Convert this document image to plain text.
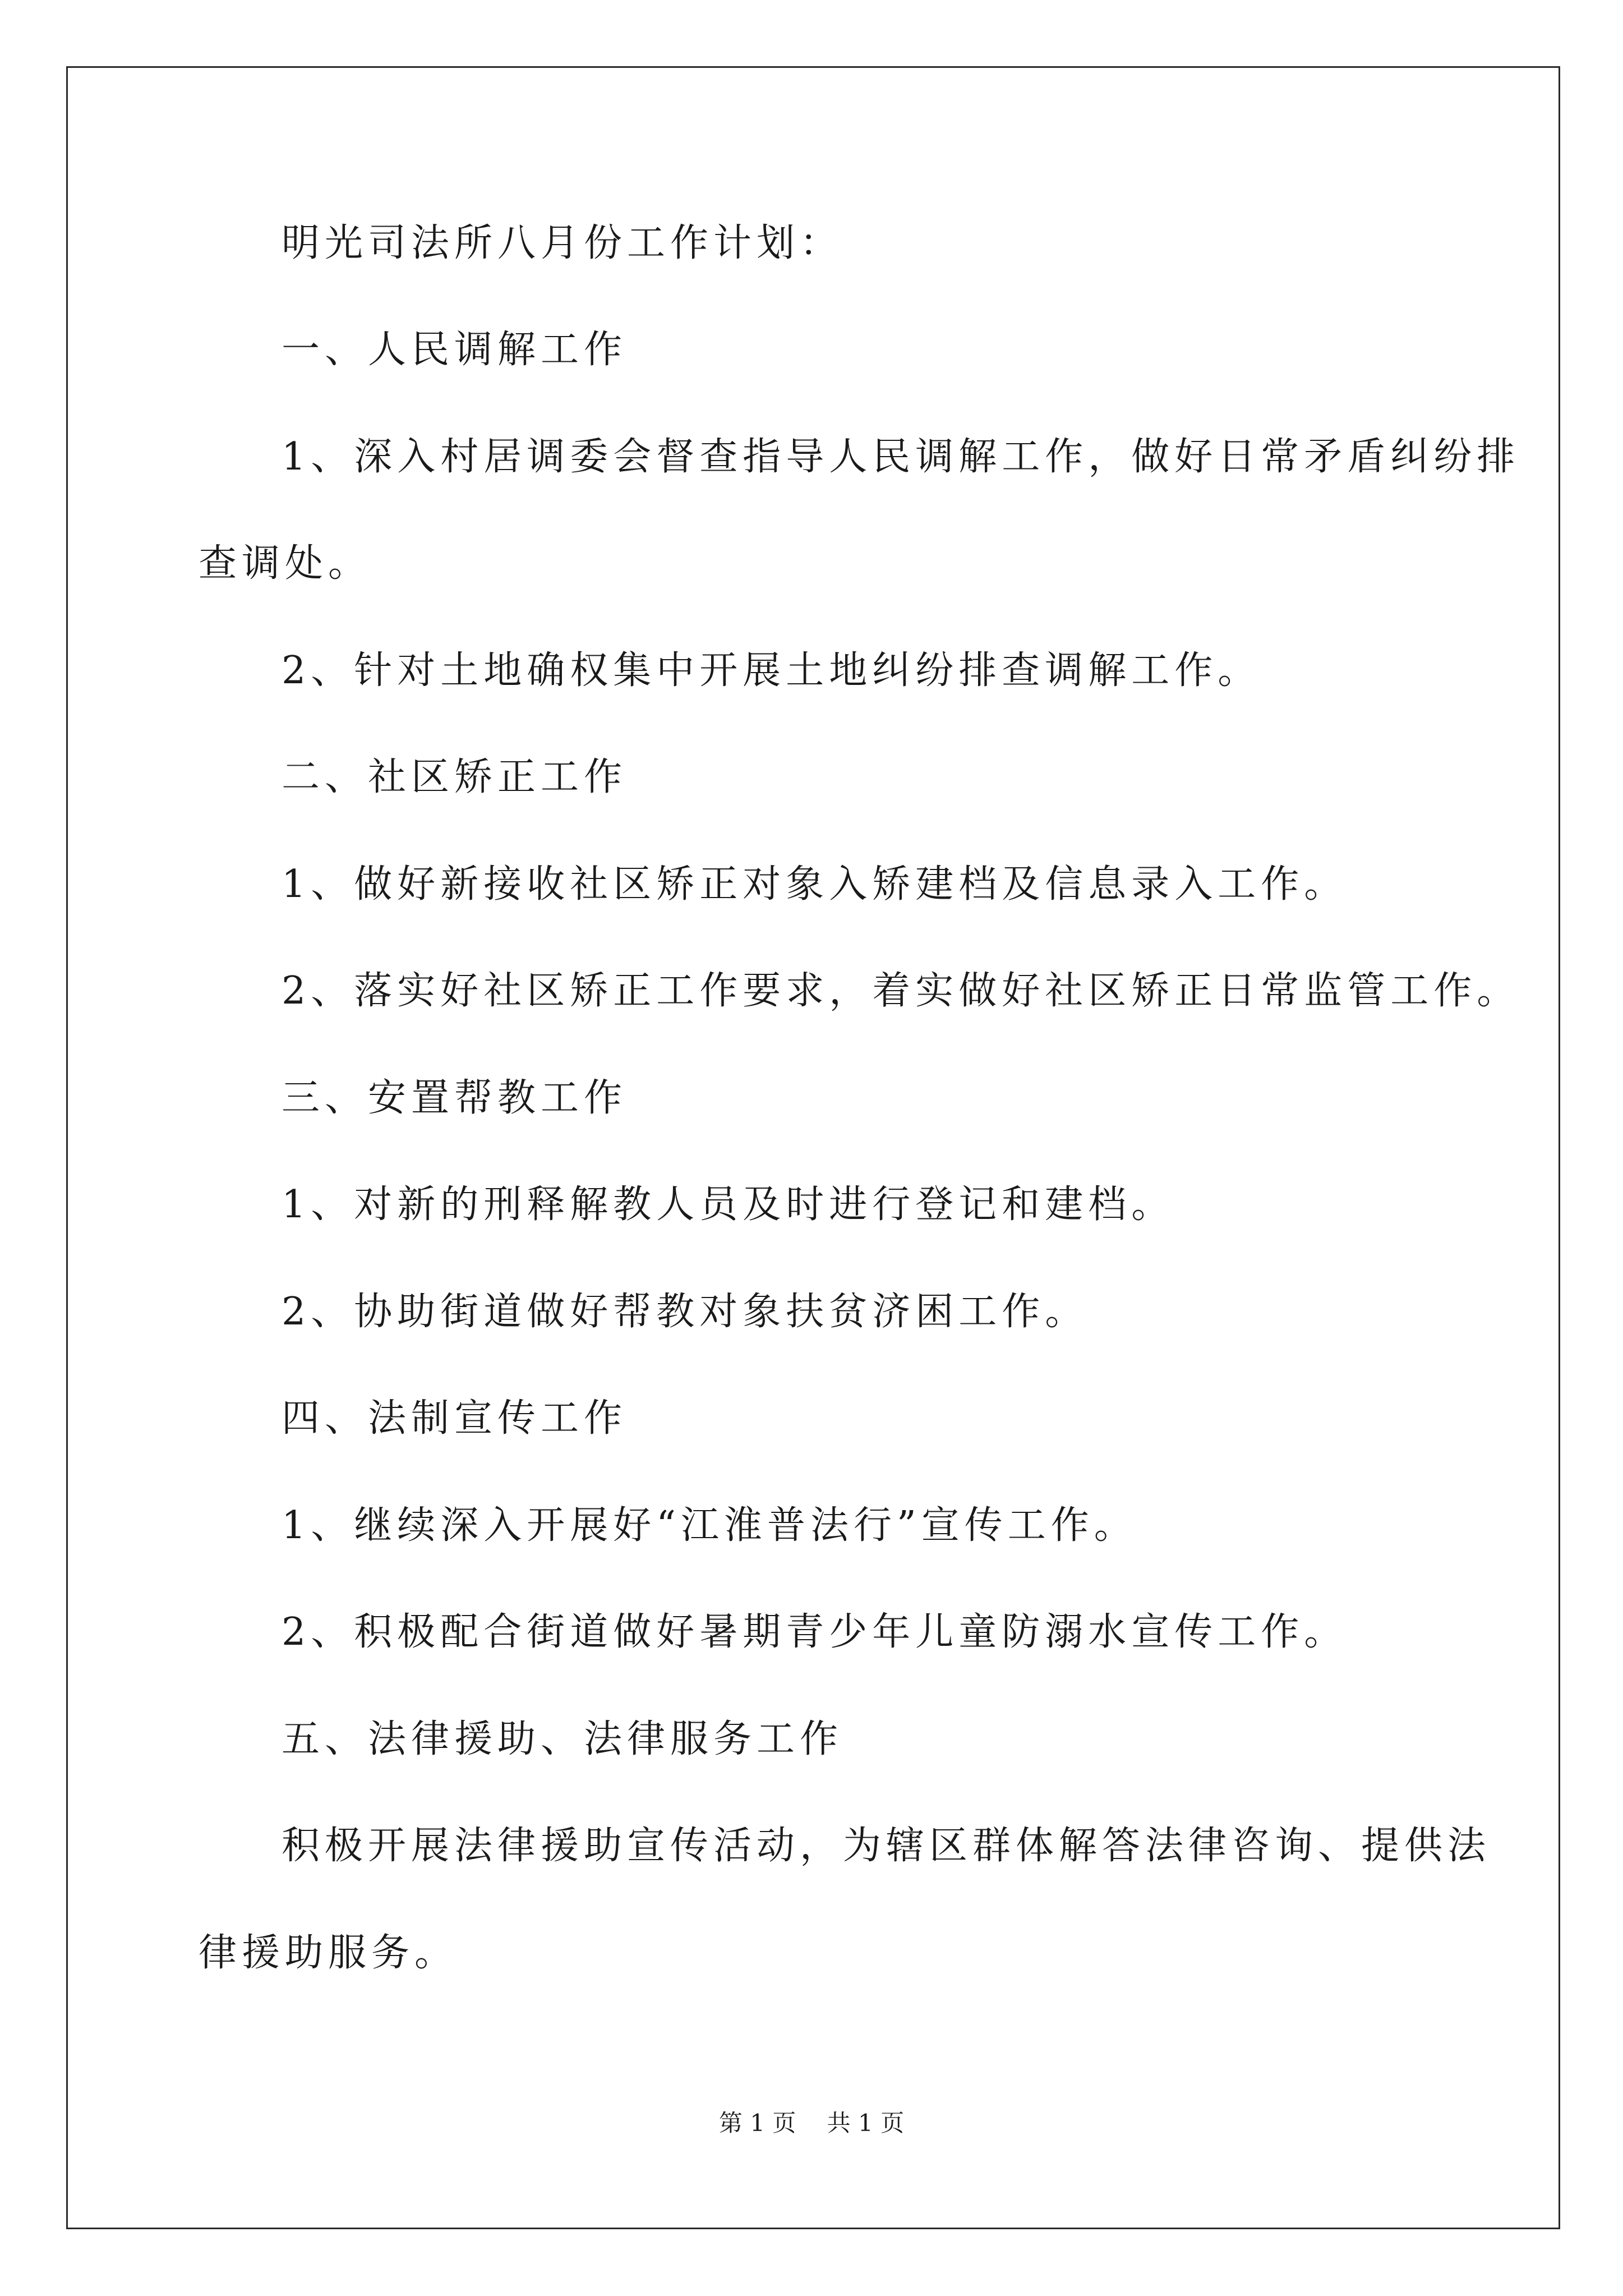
明光司法所八月份工作计划：
一、人民调解工作
1、深入村居调委会督查指导人民调解工作，做好日常矛盾纠纷排
查调处。
2、针对土地确权集中开展土地纠纷排查调解工作。
二、社区矫正工作
1、做好新接收社区矫正对象入矫建档及信息录入工作。
2、落实好社区矫正工作要求，着实做好社区矫正日常监管工作。
三、安置帮教工作
1、对新的刑释解教人员及时进行登记和建档。
2、协助街道做好帮教对象扶贫济困工作。
四、法制宣传工作
1、继续深入开展好“江淮普法行”宣传工作。
2、积极配合街道做好暑期青少年儿童防溺水宣传工作。
五、法律援助、法律服务工作
积极开展法律援助宣传活动，为辖区群体解答法律咨询、提供法
律援助服务。
第 1 页　 共 1 页
